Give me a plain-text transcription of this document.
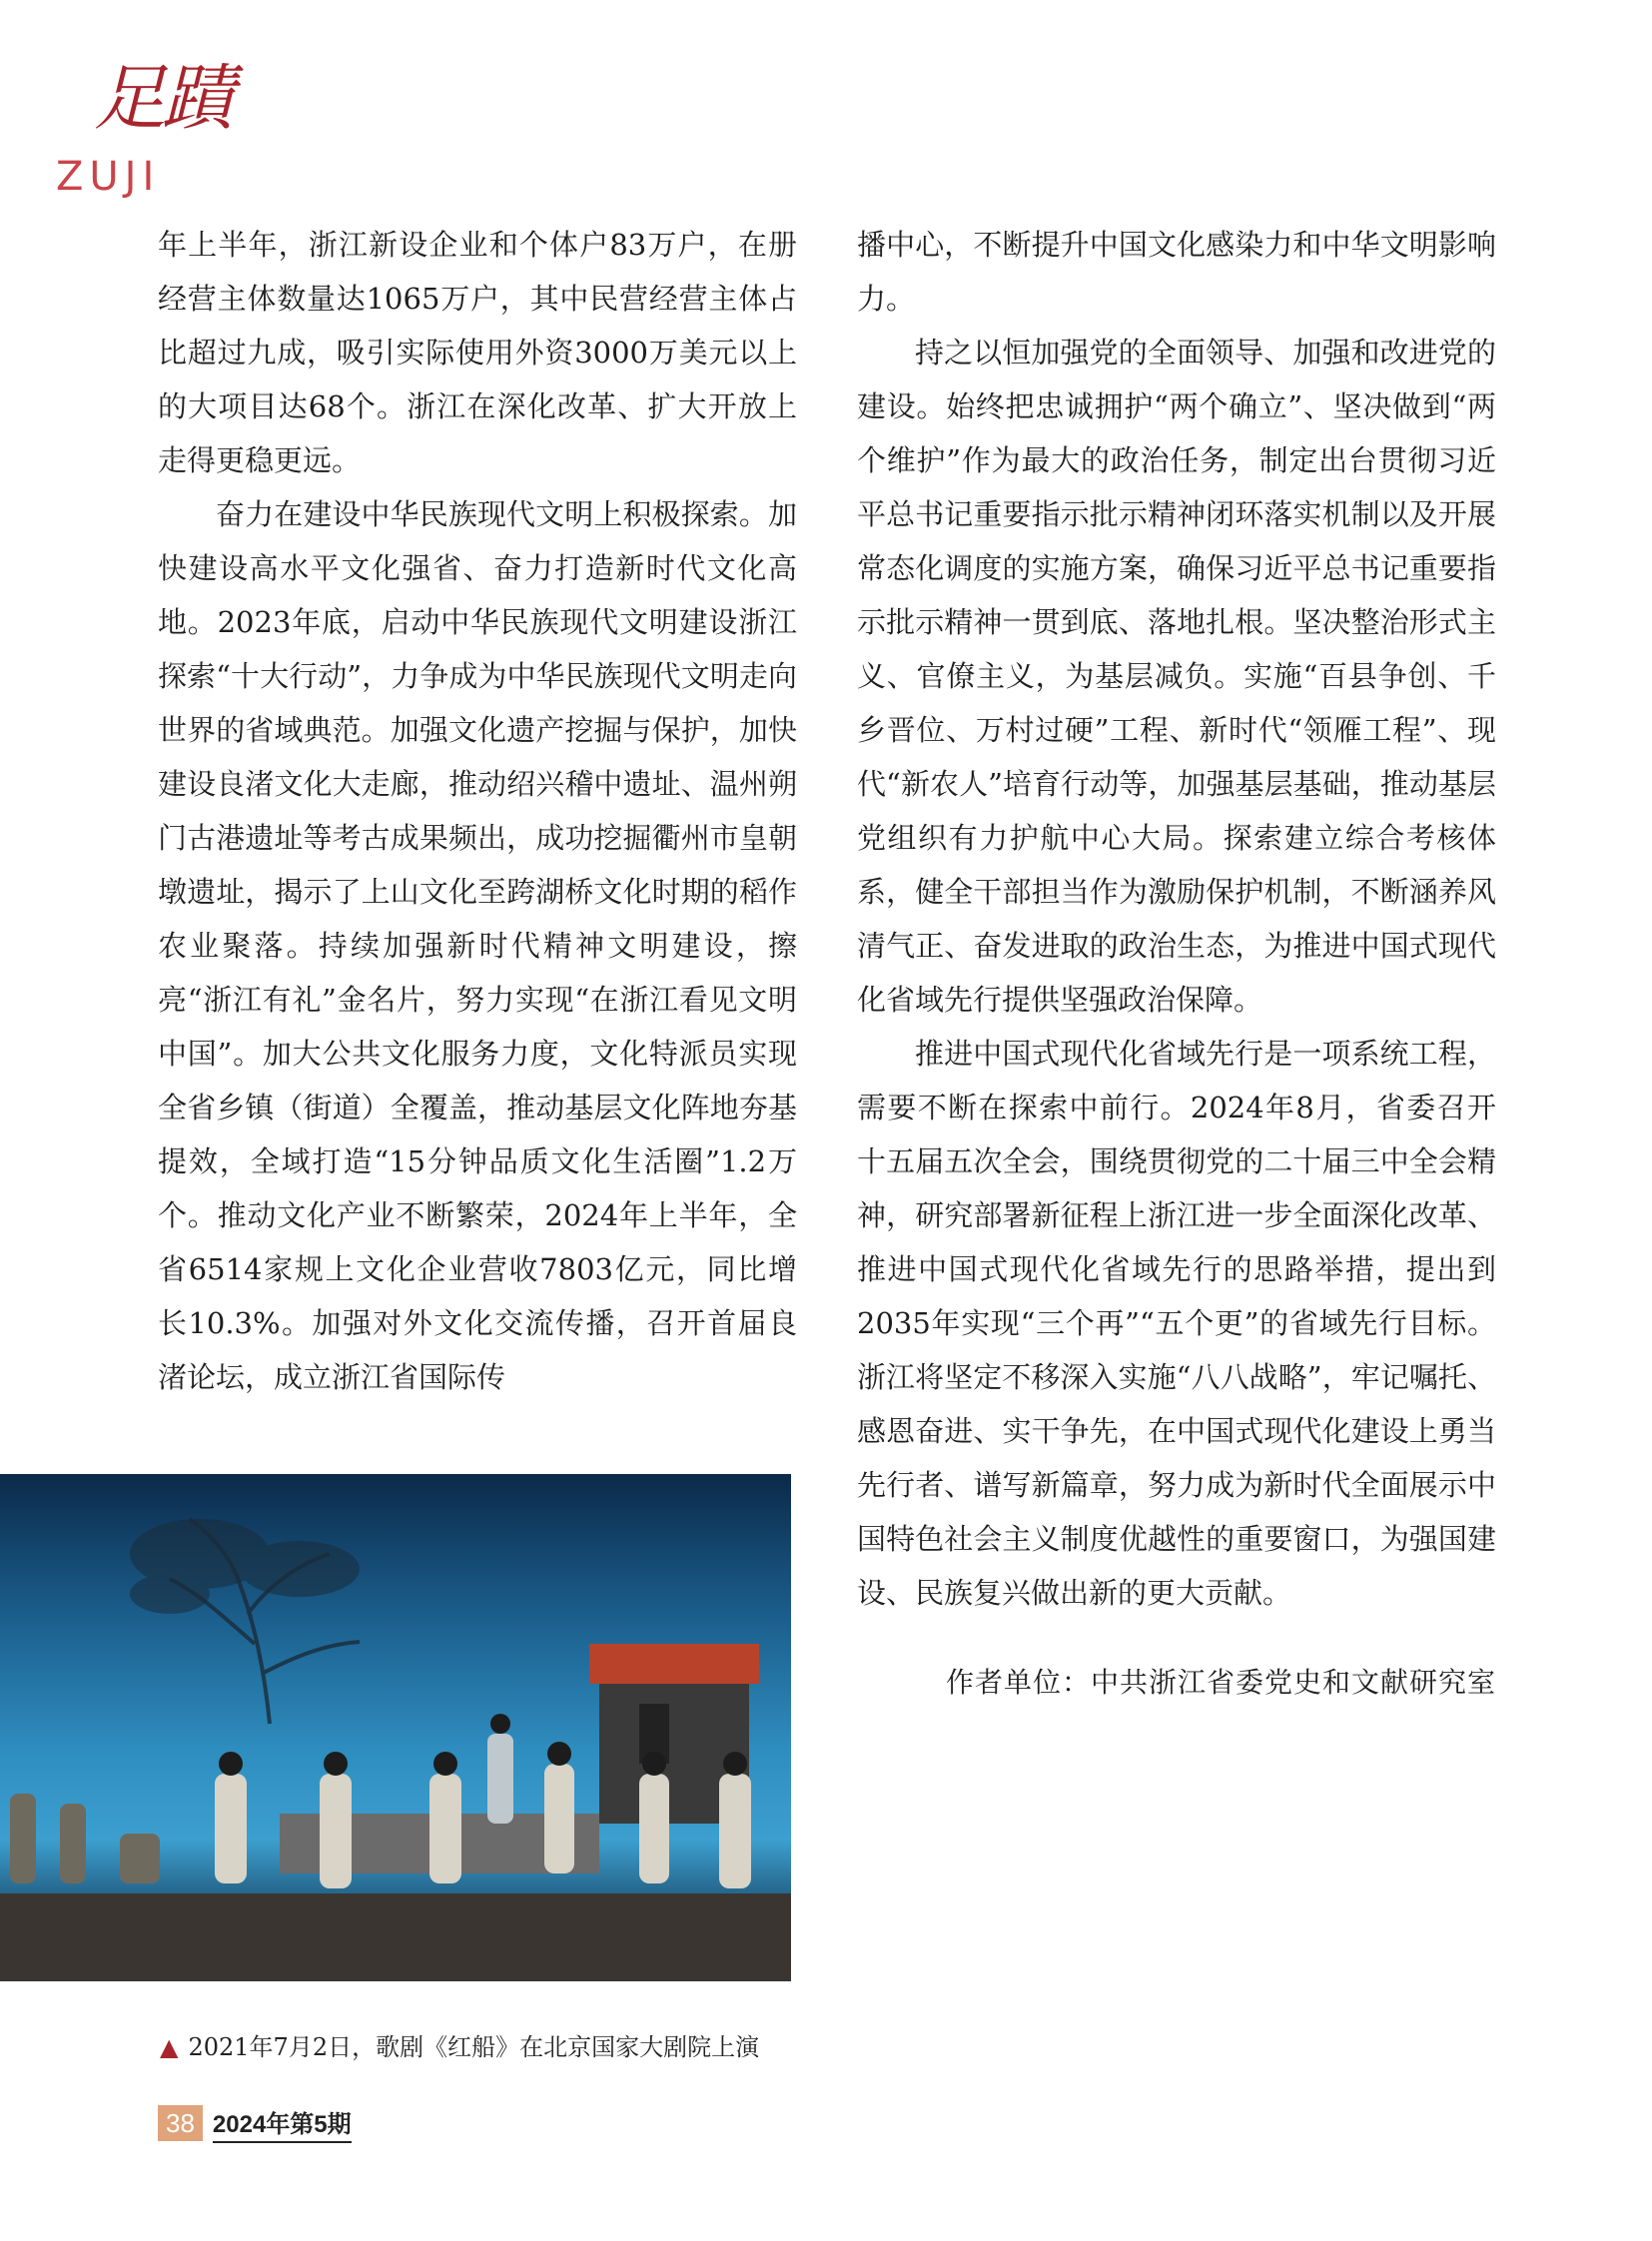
足蹟
ZUJI

年上半年，浙江新设企业和个体户83万户，在册经营主体数量达1065万户，其中民营经营主体占比超过九成，吸引实际使用外资3000万美元以上的大项目达68个。浙江在深化改革、扩大开放上走得更稳更远。

奋力在建设中华民族现代文明上积极探索。加快建设高水平文化强省、奋力打造新时代文化高地。2023年底，启动中华民族现代文明建设浙江探索“十大行动”，力争成为中华民族现代文明走向世界的省域典范。加强文化遗产挖掘与保护，加快建设良渚文化大走廊，推动绍兴稽中遗址、温州朔门古港遗址等考古成果频出，成功挖掘衢州市皇朝墩遗址，揭示了上山文化至跨湖桥文化时期的稻作农业聚落。持续加强新时代精神文明建设，擦亮“浙江有礼”金名片，努力实现“在浙江看见文明中国”。加大公共文化服务力度，文化特派员实现全省乡镇（街道）全覆盖，推动基层文化阵地夯基提效，全域打造“15分钟品质文化生活圈”1.2万个。推动文化产业不断繁荣，2024年上半年，全省6514家规上文化企业营收7803亿元，同比增长10.3%。加强对外文化交流传播，召开首届良渚论坛，成立浙江省国际传

播中心，不断提升中国文化感染力和中华文明影响力。

持之以恒加强党的全面领导、加强和改进党的建设。始终把忠诚拥护“两个确立”、坚决做到“两个维护”作为最大的政治任务，制定出台贯彻习近平总书记重要指示批示精神闭环落实机制以及开展常态化调度的实施方案，确保习近平总书记重要指示批示精神一贯到底、落地扎根。坚决整治形式主义、官僚主义，为基层减负。实施“百县争创、千乡晋位、万村过硬”工程、新时代“领雁工程”、现代“新农人”培育行动等，加强基层基础，推动基层党组织有力护航中心大局。探索建立综合考核体系，健全干部担当作为激励保护机制，不断涵养风清气正、奋发进取的政治生态，为推进中国式现代化省域先行提供坚强政治保障。

推进中国式现代化省域先行是一项系统工程，需要不断在探索中前行。2024年8月，省委召开十五届五次全会，围绕贯彻党的二十届三中全会精神，研究部署新征程上浙江进一步全面深化改革、推进中国式现代化省域先行的思路举措，提出到2035年实现“三个再”“五个更”的省域先行目标。浙江将坚定不移深入实施“八八战略”，牢记嘱托、感恩奋进、实干争先，在中国式现代化建设上勇当先行者、谱写新篇章，努力成为新时代全面展示中国特色社会主义制度优越性的重要窗口，为强国建设、民族复兴做出新的更大贡献。

作者单位：中共浙江省委党史和文献研究室

▲ 2021年7月2日，歌剧《红船》在北京国家大剧院上演
38 2024年第5期
